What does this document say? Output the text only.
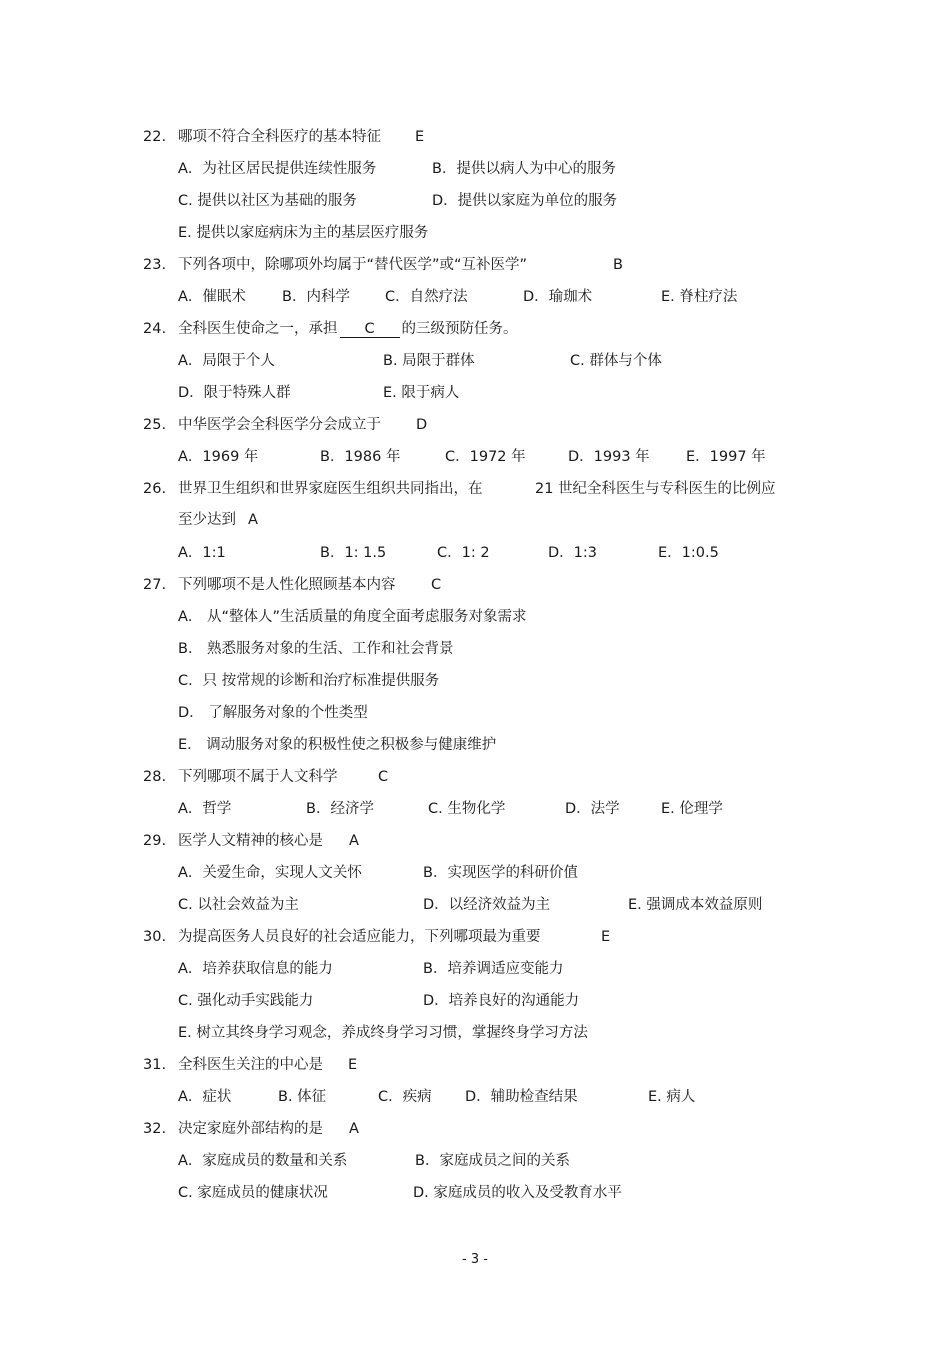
22. 哪项不符合全科医疗的基本特征 E
A．为社区居民提供连续性服务	B．提供以病人为中心的服务
C. 提供以社区为基础的服务	D．提供以家庭为单位的服务
E. 提供以家庭病床为主的基层医疗服务
23. 下列各项中，除哪项外均属于“替代医学”或“互补医学”	B
A．催眠术 B．内科学 C．自然疗法	D．瑜珈术	E. 脊柱疗法
24. 全科医生使命之一，承担 C 的三级预防任务。
A．局限于个人	B. 局限于群体	C. 群体与个体
D．限于特殊人群	E. 限于病人
25. 中华医学会全科医学分会成立于 D
A．1969 年	B．1986 年	C．1972 年	D．1993 年	E．1997 年
26. 世界卫生组织和世界家庭医生组织共同指出，在	21 世纪全科医生与专科医生的比例应
至少达到 A
A．1:1	B．1: 1.5	C．1: 2	D．1:3	E．1:0.5
27. 下列哪项不是人性化照顾基本内容 C
A． 从“整体人”生活质量的角度全面考虑服务对象需求
B． 熟悉服务对象的生活、工作和社会背景
C．只 按常规的诊断和治疗标准提供服务
D． 了解服务对象的个性类型
E． 调动服务对象的积极性使之积极参与健康维护
28. 下列哪项不属于人文科学	C
A．哲学	B．经济学	C. 生物化学	D．法学	E. 伦理学
29. 医学人文精神的核心是 A
A．关爱生命，实现人文关怀	B．实现医学的科研价值
C. 以社会效益为主	D．以经济效益为主	E. 强调成本效益原则
30. 为提高医务人员良好的社会适应能力，下列哪项最为重要	E
A．培养获取信息的能力	B．培养调适应变能力
C. 强化动手实践能力	D．培养良好的沟通能力
E. 树立其终身学习观念，养成终身学习习惯，掌握终身学习方法
31. 全科医生关注的中心是 E
A．症状	B. 体征	C．疾病 D．辅助检查结果	E. 病人
32. 决定家庭外部结构的是 A
A．家庭成员的数量和关系	B．家庭成员之间的关系
C. 家庭成员的健康状况	D. 家庭成员的收入及受教育水平
- 3 -
